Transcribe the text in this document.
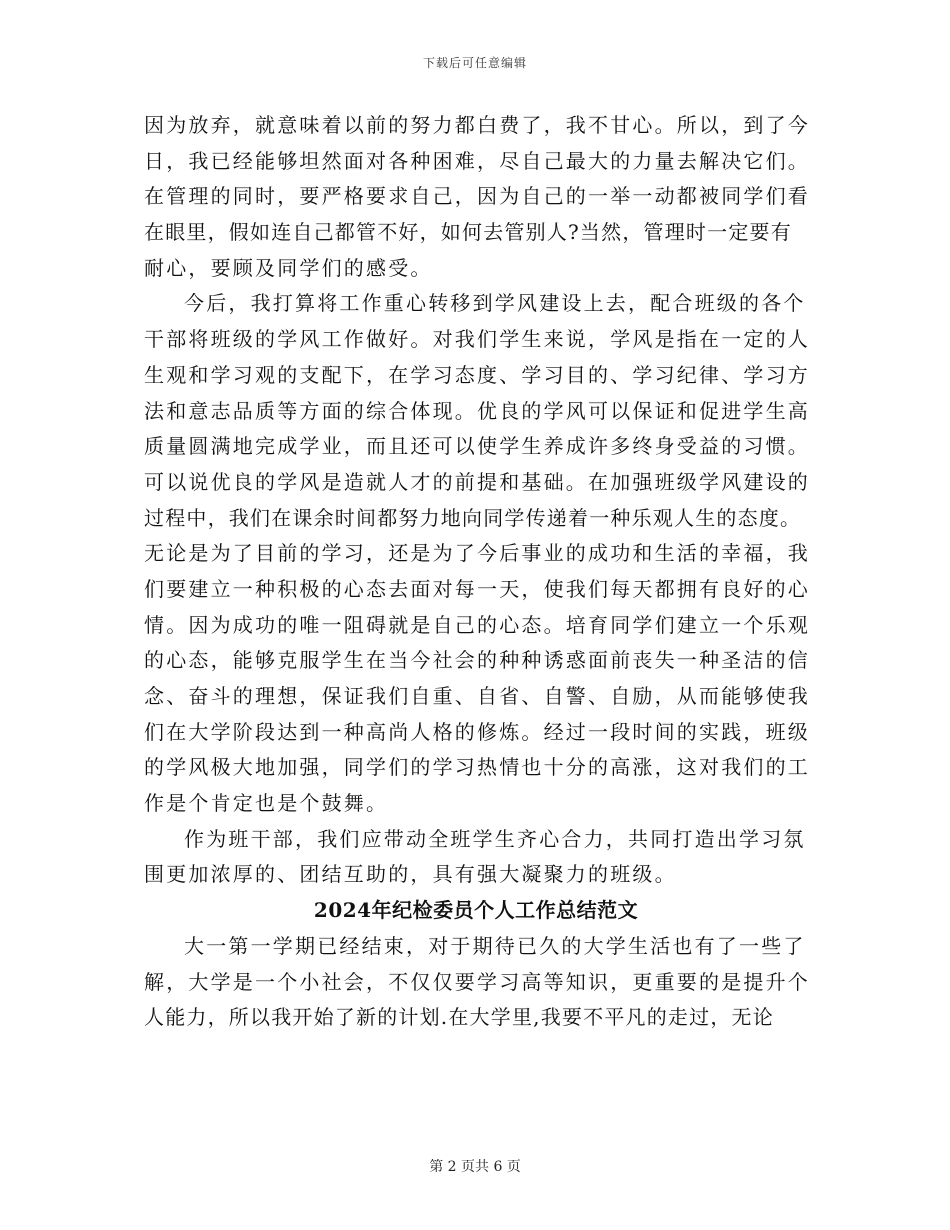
下载后可任意编辑
因为放弃，就意味着以前的努力都白费了，我不甘心。所以，到了今
日，我已经能够坦然面对各种困难，尽自己最大的力量去解决它们。
在管理的同时，要严格要求自己，因为自己的一举一动都被同学们看
在眼里，假如连自己都管不好，如何去管别人?当然，管理时一定要有
耐心，要顾及同学们的感受。
今后，我打算将工作重心转移到学风建设上去，配合班级的各个
干部将班级的学风工作做好。对我们学生来说，学风是指在一定的人
生观和学习观的支配下，在学习态度、学习目的、学习纪律、学习方
法和意志品质等方面的综合体现。优良的学风可以保证和促进学生高
质量圆满地完成学业，而且还可以使学生养成许多终身受益的习惯。
可以说优良的学风是造就人才的前提和基础。在加强班级学风建设的
过程中，我们在课余时间都努力地向同学传递着一种乐观人生的态度。
无论是为了目前的学习，还是为了今后事业的成功和生活的幸福，我
们要建立一种积极的心态去面对每一天，使我们每天都拥有良好的心
情。因为成功的唯一阻碍就是自己的心态。培育同学们建立一个乐观
的心态，能够克服学生在当今社会的种种诱惑面前丧失一种圣洁的信
念、奋斗的理想，保证我们自重、自省、自警、自励，从而能够使我
们在大学阶段达到一种高尚人格的修炼。经过一段时间的实践，班级
的学风极大地加强，同学们的学习热情也十分的高涨，这对我们的工
作是个肯定也是个鼓舞。
作为班干部，我们应带动全班学生齐心合力，共同打造出学习氛
围更加浓厚的、团结互助的，具有强大凝聚力的班级。
2024年纪检委员个人工作总结范文
大一第一学期已经结束，对于期待已久的大学生活也有了一些了
解，大学是一个小社会，不仅仅要学习高等知识，更重要的是提升个
人能力，所以我开始了新的计划.在大学里,我要不平凡的走过，无论
第 2 页共 6 页
